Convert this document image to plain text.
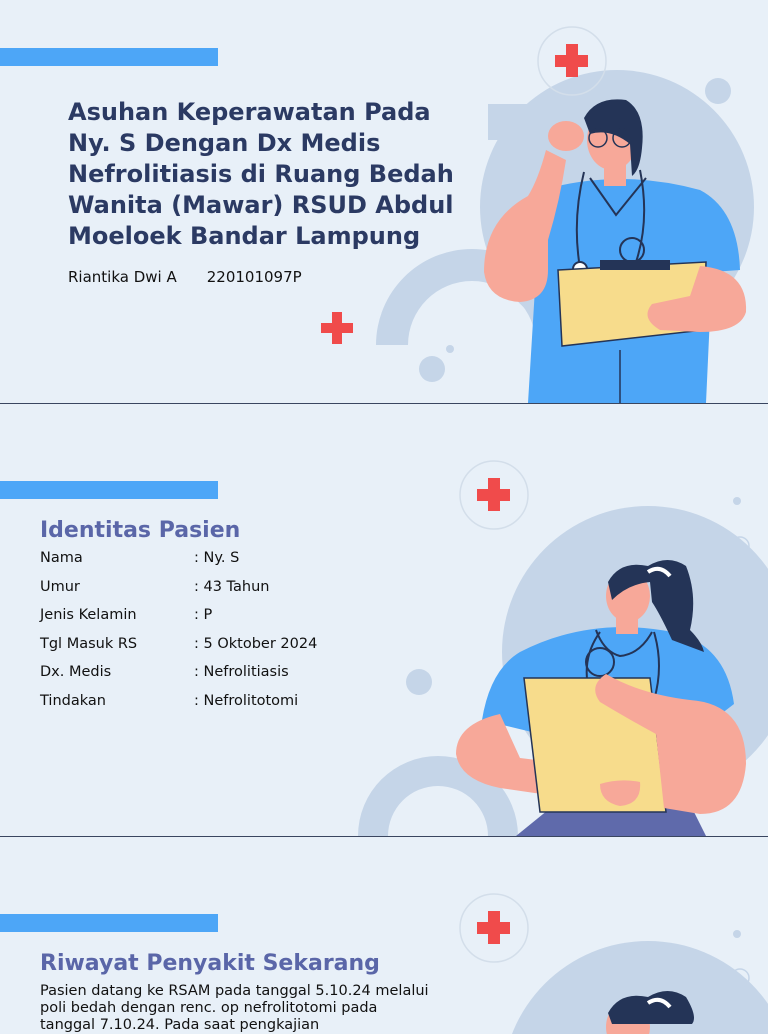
Asuhan Keperawatan Pada Ny. S Dengan Dx Medis Nefrolitiasis di Ruang Bedah Wanita (Mawar) RSUD Abdul Moeloek Bandar Lampung
Riantika Dwi A 220101097P
Identitas Pasien
Nama	: Ny. S
Umur	: 43 Tahun
Jenis Kelamin	: P
Tgl Masuk RS	: 5 Oktober 2024
Dx. Medis	: Nefrolitiasis
Tindakan	: Nefrolitotomi
Riwayat Penyakit Sekarang

Pasien datang ke RSAM pada tanggal 5.10.24 melalui poli bedah dengan renc. op nefrolitotomi pada tanggal 7.10.24. Pada saat pengkajian
